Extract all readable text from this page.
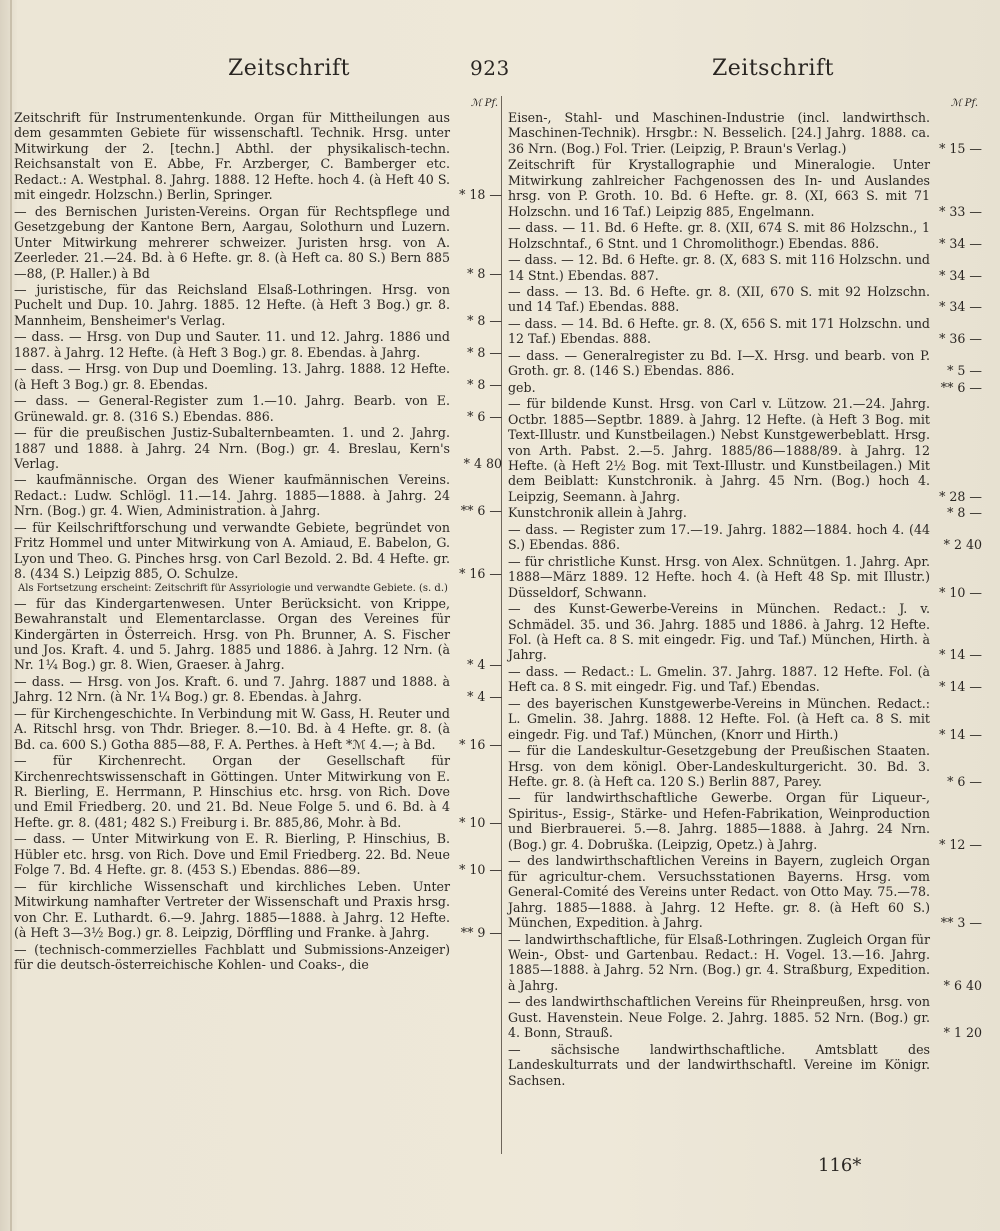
Zeitschrift	923	Zeitschrift
ℳ Pf.
Zeitschrift für Instrumentenkunde. Organ für Mittheilungen aus dem gesammten Gebiete für wissenschaftl. Technik. Hrsg. unter Mitwirkung der 2. [techn.] Abthl. der physikalisch-techn. Reichsanstalt von E. Abbe, Fr. Arzberger, C. Bamberger etc. Redact.: A. Westphal. 8. Jahrg. 1888. 12 Hefte. hoch 4. (à Heft 40 S. mit eingedr. Holzschn.) Berlin, Springer.	* 18 —
— des Bernischen Juristen-Vereins. Organ für Rechtspflege und Gesetzgebung der Kantone Bern, Aargau, Solothurn und Luzern. Unter Mitwirkung mehrerer schweizer. Juristen hrsg. von A. Zeerleder. 21.—24. Bd. à 6 Hefte. gr. 8. (à Heft ca. 80 S.) Bern 885—88, (P. Haller.) à Bd	* 8 —
— juristische, für das Reichsland Elsaß-Lothringen. Hrsg. von Puchelt und Dup. 10. Jahrg. 1885. 12 Hefte. (à Heft 3 Bog.) gr. 8. Mannheim, Bensheimer's Verlag.	* 8 —
— dass. — Hrsg. von Dup und Sauter. 11. und 12. Jahrg. 1886 und 1887. à Jahrg. 12 Hefte. (à Heft 3 Bog.) gr. 8. Ebendas. à Jahrg.	* 8 —
— dass. — Hrsg. von Dup und Doemling. 13. Jahrg. 1888. 12 Hefte. (à Heft 3 Bog.) gr. 8. Ebendas.	* 8 —
— dass. — General-Register zum 1.—10. Jahrg. Bearb. von E. Grünewald. gr. 8. (316 S.) Ebendas. 886.	* 6 —
— für die preußischen Justiz-Subalternbeamten. 1. und 2. Jahrg. 1887 und 1888. à Jahrg. 24 Nrn. (Bog.) gr. 4. Breslau, Kern's Verlag.	* 4 80
— kaufmännische. Organ des Wiener kaufmännischen Vereins. Redact.: Ludw. Schlögl. 11.—14. Jahrg. 1885—1888. à Jahrg. 24 Nrn. (Bog.) gr. 4. Wien, Administration. à Jahrg.	** 6 —
— für Keilschriftforschung und verwandte Gebiete, begründet von Fritz Hommel und unter Mitwirkung von A. Amiaud, E. Babelon, G. Lyon und Theo. G. Pinches hrsg. von Carl Bezold. 2. Bd. 4 Hefte. gr. 8. (434 S.) Leipzig 885, O. Schulze.	* 16 —
Als Fortsetzung erscheint: Zeitschrift für Assyriologie und verwandte Gebiete. (s. d.)
— für das Kindergartenwesen. Unter Berücksicht. von Krippe, Bewahranstalt und Elementarclasse. Organ des Vereines für Kindergärten in Österreich. Hrsg. von Ph. Brunner, A. S. Fischer und Jos. Kraft. 4. und 5. Jahrg. 1885 und 1886. à Jahrg. 12 Nrn. (à Nr. 1¼ Bog.) gr. 8. Wien, Graeser. à Jahrg.	* 4 —
— dass. — Hrsg. von Jos. Kraft. 6. und 7. Jahrg. 1887 und 1888. à Jahrg. 12 Nrn. (à Nr. 1¼ Bog.) gr. 8. Ebendas. à Jahrg.	* 4 —
— für Kirchengeschichte. In Verbindung mit W. Gass, H. Reuter und A. Ritschl hrsg. von Thdr. Brieger. 8.—10. Bd. à 4 Hefte. gr. 8. (à Bd. ca. 600 S.) Gotha 885—88, F. A. Perthes. à Heft *ℳ 4.—; à Bd.	* 16 —
— für Kirchenrecht. Organ der Gesellschaft für Kirchenrechtswissenschaft in Göttingen. Unter Mitwirkung von E. R. Bierling, E. Herrmann, P. Hinschius etc. hrsg. von Rich. Dove und Emil Friedberg. 20. und 21. Bd. Neue Folge 5. und 6. Bd. à 4 Hefte. gr. 8. (481; 482 S.) Freiburg i. Br. 885,86, Mohr. à Bd.	* 10 —
— dass. — Unter Mitwirkung von E. R. Bierling, P. Hinschius, B. Hübler etc. hrsg. von Rich. Dove und Emil Friedberg. 22. Bd. Neue Folge 7. Bd. 4 Hefte. gr. 8. (453 S.) Ebendas. 886—89.	* 10 —
— für kirchliche Wissenschaft und kirchliches Leben. Unter Mitwirkung namhafter Vertreter der Wissenschaft und Praxis hrsg. von Chr. E. Luthardt. 6.—9. Jahrg. 1885—1888. à Jahrg. 12 Hefte. (à Heft 3—3½ Bog.) gr. 8. Leipzig, Dörffling und Franke. à Jahrg.	** 9 —
— (technisch-commerzielles Fachblatt und Submissions-Anzeiger) für die deutsch-österreichische Kohlen- und Coaks-, die
ℳ Pf.
Eisen-, Stahl- und Maschinen-Industrie (incl. landwirthsch. Maschinen-Technik). Hrsgbr.: N. Besselich. [24.] Jahrg. 1888. ca. 36 Nrn. (Bog.) Fol. Trier. (Leipzig, P. Braun's Verlag.)	* 15 —
Zeitschrift für Krystallographie und Mineralogie. Unter Mitwirkung zahlreicher Fachgenossen des In- und Auslandes hrsg. von P. Groth. 10. Bd. 6 Hefte. gr. 8. (XI, 663 S. mit 71 Holzschn. und 16 Taf.) Leipzig 885, Engelmann.	* 33 —
— dass. — 11. Bd. 6 Hefte. gr. 8. (XII, 674 S. mit 86 Holzschn., 1 Holzschntaf., 6 Stnt. und 1 Chromolithogr.) Ebendas. 886.	* 34 —
— dass. — 12. Bd. 6 Hefte. gr. 8. (X, 683 S. mit 116 Holzschn. und 14 Stnt.) Ebendas. 887.	* 34 —
— dass. — 13. Bd. 6 Hefte. gr. 8. (XII, 670 S. mit 92 Holzschn. und 14 Taf.) Ebendas. 888.	* 34 —
— dass. — 14. Bd. 6 Hefte. gr. 8. (X, 656 S. mit 171 Holzschn. und 12 Taf.) Ebendas. 888.	* 36 —
— dass. — Generalregister zu Bd. I—X. Hrsg. und bearb. von P. Groth. gr. 8. (146 S.) Ebendas. 886.	* 5 —
geb.	** 6 —
— für bildende Kunst. Hrsg. von Carl v. Lützow. 21.—24. Jahrg. Octbr. 1885—Septbr. 1889. à Jahrg. 12 Hefte. (à Heft 3 Bog. mit Text-Illustr. und Kunstbeilagen.) Nebst Kunstgewerbeblatt. Hrsg. von Arth. Pabst. 2.—5. Jahrg. 1885/86—1888/89. à Jahrg. 12 Hefte. (à Heft 2½ Bog. mit Text-Illustr. und Kunstbeilagen.) Mit dem Beiblatt: Kunstchronik. à Jahrg. 45 Nrn. (Bog.) hoch 4. Leipzig, Seemann. à Jahrg.	* 28 —
Kunstchronik allein à Jahrg.	* 8 —
— dass. — Register zum 17.—19. Jahrg. 1882—1884. hoch 4. (44 S.) Ebendas. 886.	* 2 40
— für christliche Kunst. Hrsg. von Alex. Schnütgen. 1. Jahrg. Apr. 1888—März 1889. 12 Hefte. hoch 4. (à Heft 48 Sp. mit Illustr.) Düsseldorf, Schwann.	* 10 —
— des Kunst-Gewerbe-Vereins in München. Redact.: J. v. Schmädel. 35. und 36. Jahrg. 1885 und 1886. à Jahrg. 12 Hefte. Fol. (à Heft ca. 8 S. mit eingedr. Fig. und Taf.) München, Hirth. à Jahrg.	* 14 —
— dass. — Redact.: L. Gmelin. 37. Jahrg. 1887. 12 Hefte. Fol. (à Heft ca. 8 S. mit eingedr. Fig. und Taf.) Ebendas.	* 14 —
— des bayerischen Kunstgewerbe-Vereins in München. Redact.: L. Gmelin. 38. Jahrg. 1888. 12 Hefte. Fol. (à Heft ca. 8 S. mit eingedr. Fig. und Taf.) München, (Knorr und Hirth.)	* 14 —
— für die Landeskultur-Gesetzgebung der Preußischen Staaten. Hrsg. von dem königl. Ober-Landeskulturgericht. 30. Bd. 3. Hefte. gr. 8. (à Heft ca. 120 S.) Berlin 887, Parey.	* 6 —
— für landwirthschaftliche Gewerbe. Organ für Liqueur-, Spiritus-, Essig-, Stärke- und Hefen-Fabrikation, Weinproduction und Bierbrauerei. 5.—8. Jahrg. 1885—1888. à Jahrg. 24 Nrn. (Bog.) gr. 4. Dobruška. (Leipzig, Opetz.) à Jahrg.	* 12 —
— des landwirthschaftlichen Vereins in Bayern, zugleich Organ für agricultur-chem. Versuchsstationen Bayerns. Hrsg. vom General-Comité des Vereins unter Redact. von Otto May. 75.—78. Jahrg. 1885—1888. à Jahrg. 12 Hefte. gr. 8. (à Heft 60 S.) München, Expedition. à Jahrg.	** 3 —
— landwirthschaftliche, für Elsaß-Lothringen. Zugleich Organ für Wein-, Obst- und Gartenbau. Redact.: H. Vogel. 13.—16. Jahrg. 1885—1888. à Jahrg. 52 Nrn. (Bog.) gr. 4. Straßburg, Expedition. à Jahrg.	* 6 40
— des landwirthschaftlichen Vereins für Rheinpreußen, hrsg. von Gust. Havenstein. Neue Folge. 2. Jahrg. 1885. 52 Nrn. (Bog.) gr. 4. Bonn, Strauß.	* 1 20
— sächsische landwirthschaftliche. Amtsblatt des Landeskulturrats und der landwirthschaftl. Vereine im Königr. Sachsen.
116*
